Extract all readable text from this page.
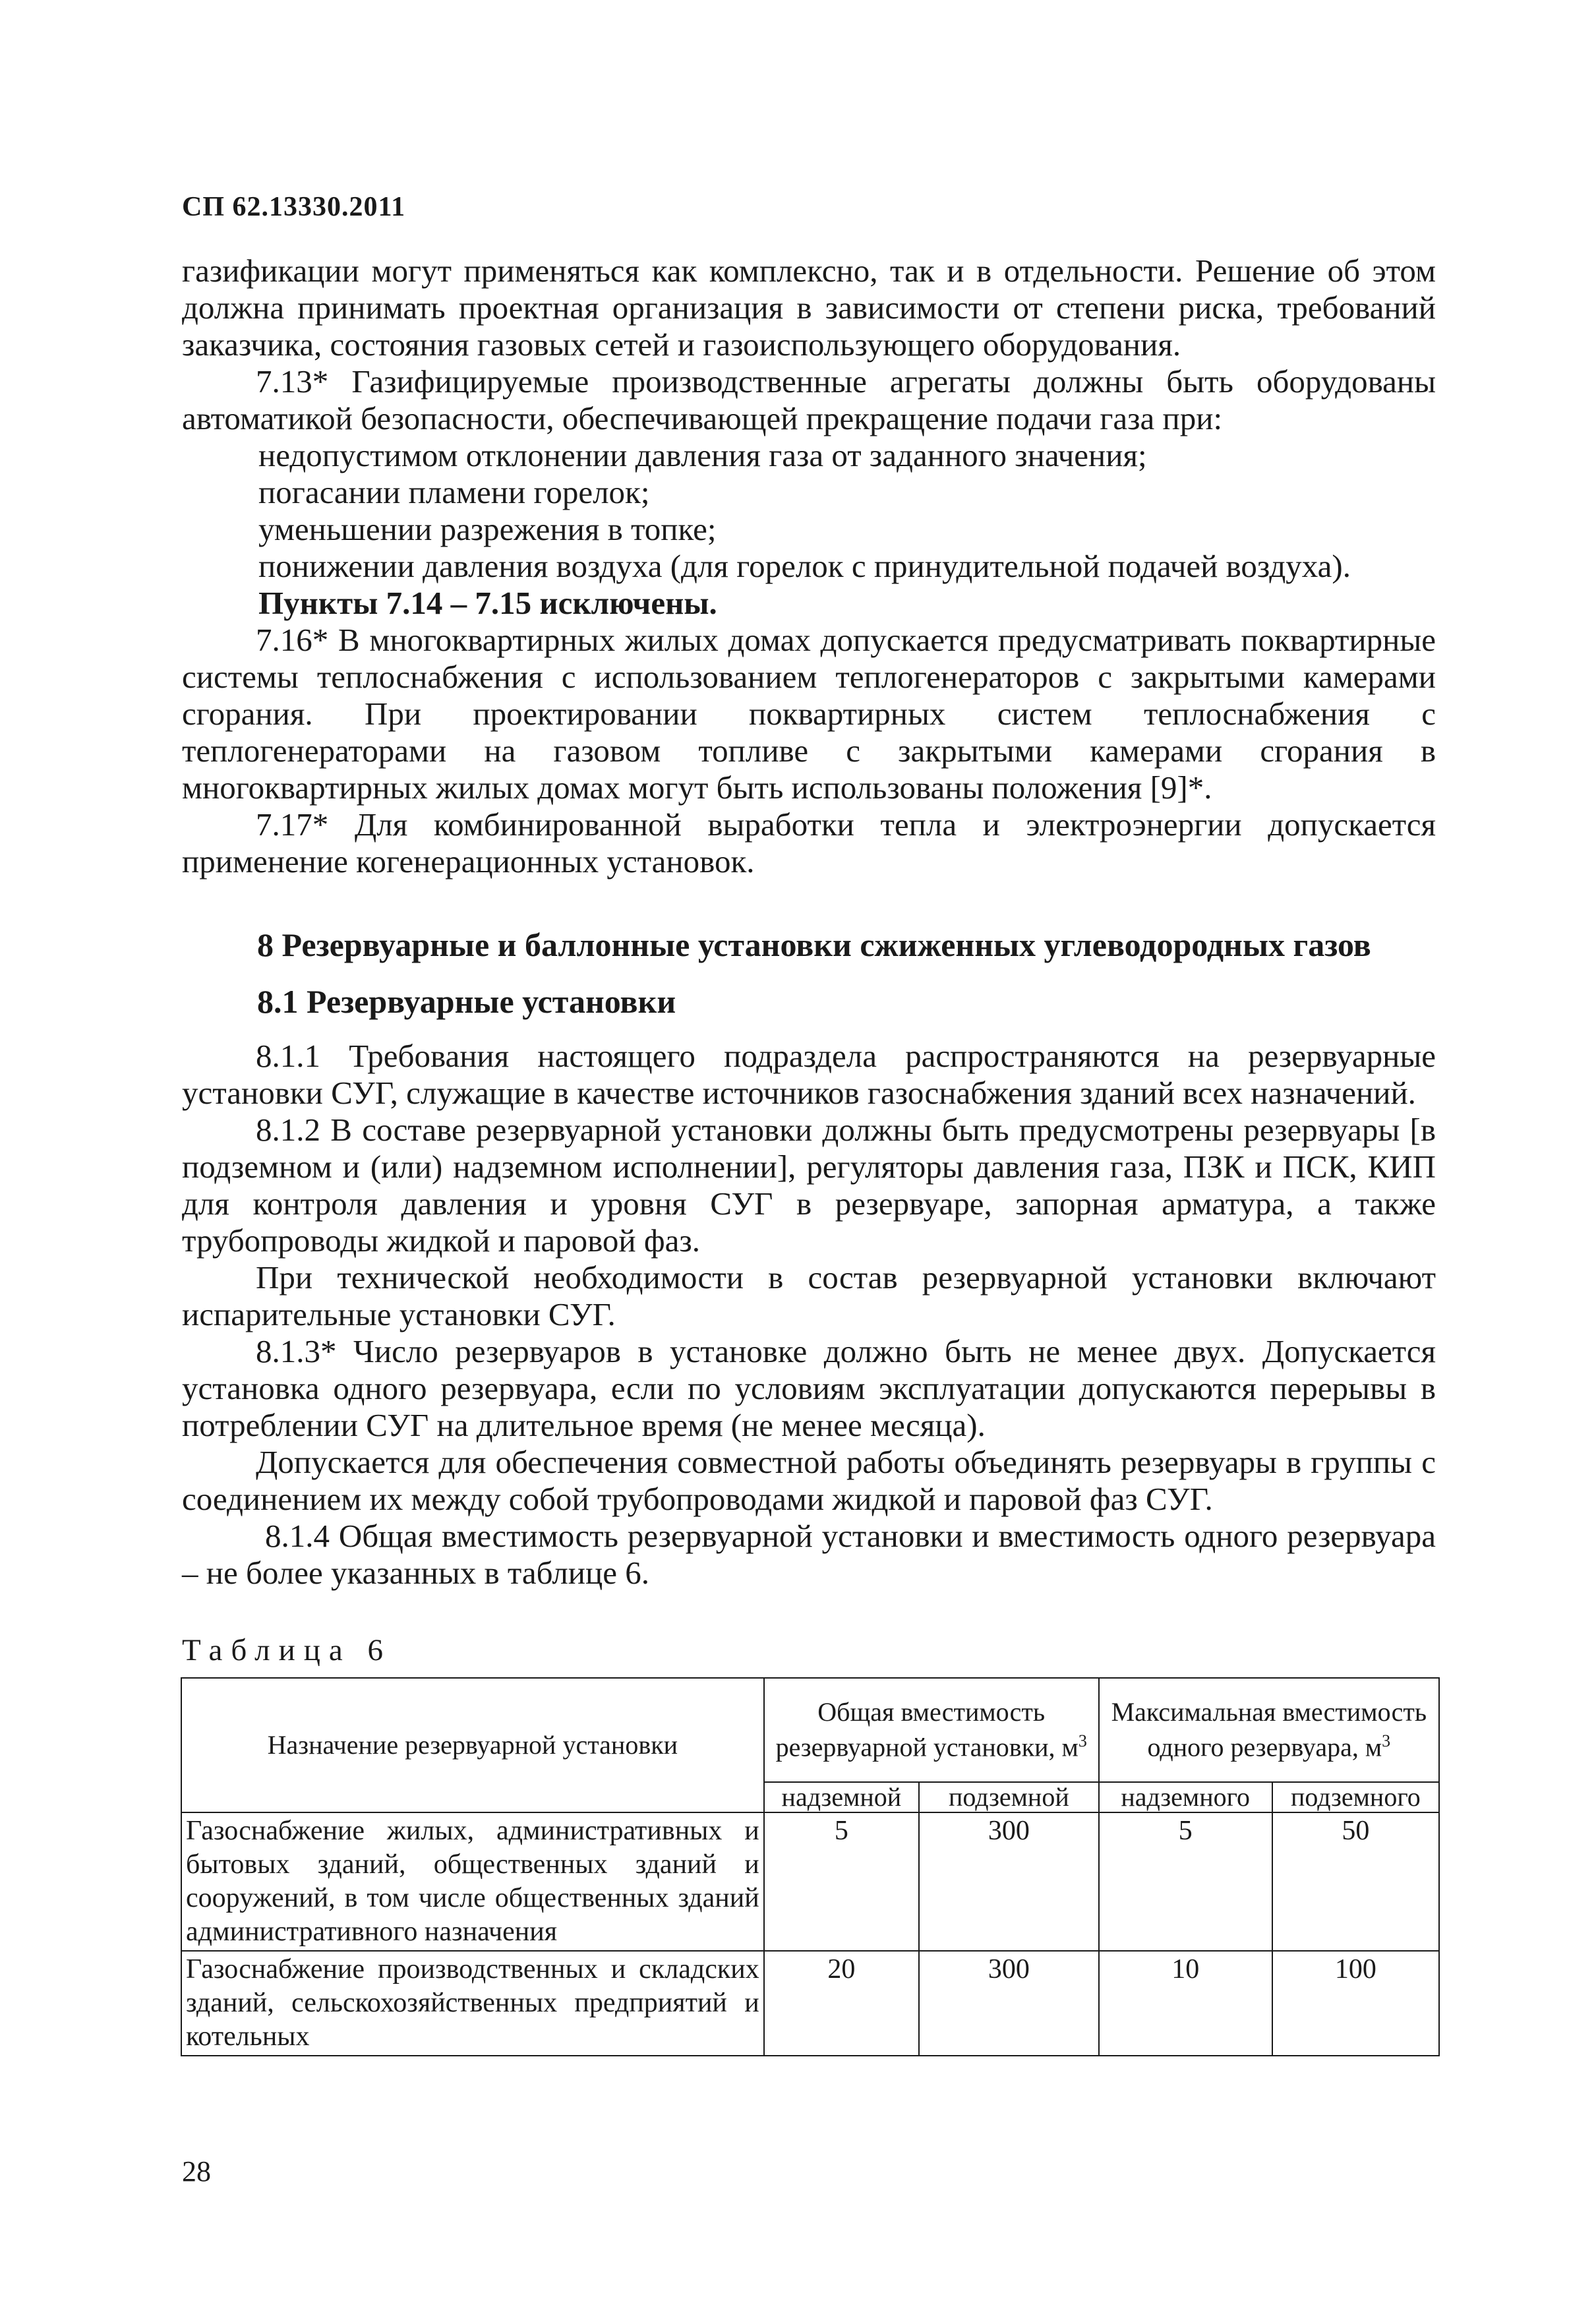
СП 62.13330.2011

газификации могут применяться как комплексно, так и в отдельности. Решение об этом должна принимать проектная организация в зависимости от степени риска, требований заказчика, состояния газовых сетей и газоиспользующего оборудования.

7.13* Газифицируемые производственные агрегаты должны быть оборудованы автоматикой безопасности, обеспечивающей прекращение подачи газа при:

недопустимом отклонении давления газа от заданного значения;

погасании пламени горелок;

уменьшении разрежения в топке;

понижении давления воздуха (для горелок с принудительной подачей воздуха).

Пункты 7.14 – 7.15 исключены.

7.16* В многоквартирных жилых домах допускается предусматривать поквартирные системы теплоснабжения с использованием теплогенераторов с закрытыми камерами сгорания. При проектировании поквартирных систем теплоснабжения с теплогенераторами на газовом топливе с закрытыми камерами сгорания в многоквартирных жилых домах могут быть использованы положения [9]*.

7.17* Для комбинированной выработки тепла и электроэнергии допускается применение когенерационных установок.

8 Резервуарные и баллонные установки сжиженных углеводородных газов
8.1 Резервуарные установки

8.1.1 Требования настоящего подраздела распространяются на резервуарные установки СУГ, служащие в качестве источников газоснабжения зданий всех назначений.

8.1.2 В составе резервуарной установки должны быть предусмотрены резервуары [в подземном и (или) надземном исполнении], регуляторы давления газа, ПЗК и ПСК, КИП для контроля давления и уровня СУГ в резервуаре, запорная арматура, а также трубопроводы жидкой и паровой фаз.

При технической необходимости в состав резервуарной установки включают испарительные установки СУГ.

8.1.3* Число резервуаров в установке должно быть не менее двух. Допускается установка одного резервуара, если по условиям эксплуатации допускаются перерывы в потреблении СУГ на длительное время (не менее месяца).

Допускается для обеспечения совместной работы объединять резервуары в группы с соединением их между собой трубопроводами жидкой и паровой фаз СУГ.

8.1.4 Общая вместимость резервуарной установки и вместимость одного резервуара – не более указанных в таблице 6.

Таблица 6
Назначение резервуарной установки	Общая вместимость резервуарной установки, $м^3$		Максимальная вместимость одного резервуара, $м^3$
	надземной	подземной	надземного	подземного
Газоснабжение жилых, административных и бытовых зданий, общественных зданий и сооружений, в том числе общественных зданий административного назначения	5	300	5	50
Газоснабжение производственных и складских зданий, сельскохозяйственных предприятий и котельных	20	300	10	100
28
